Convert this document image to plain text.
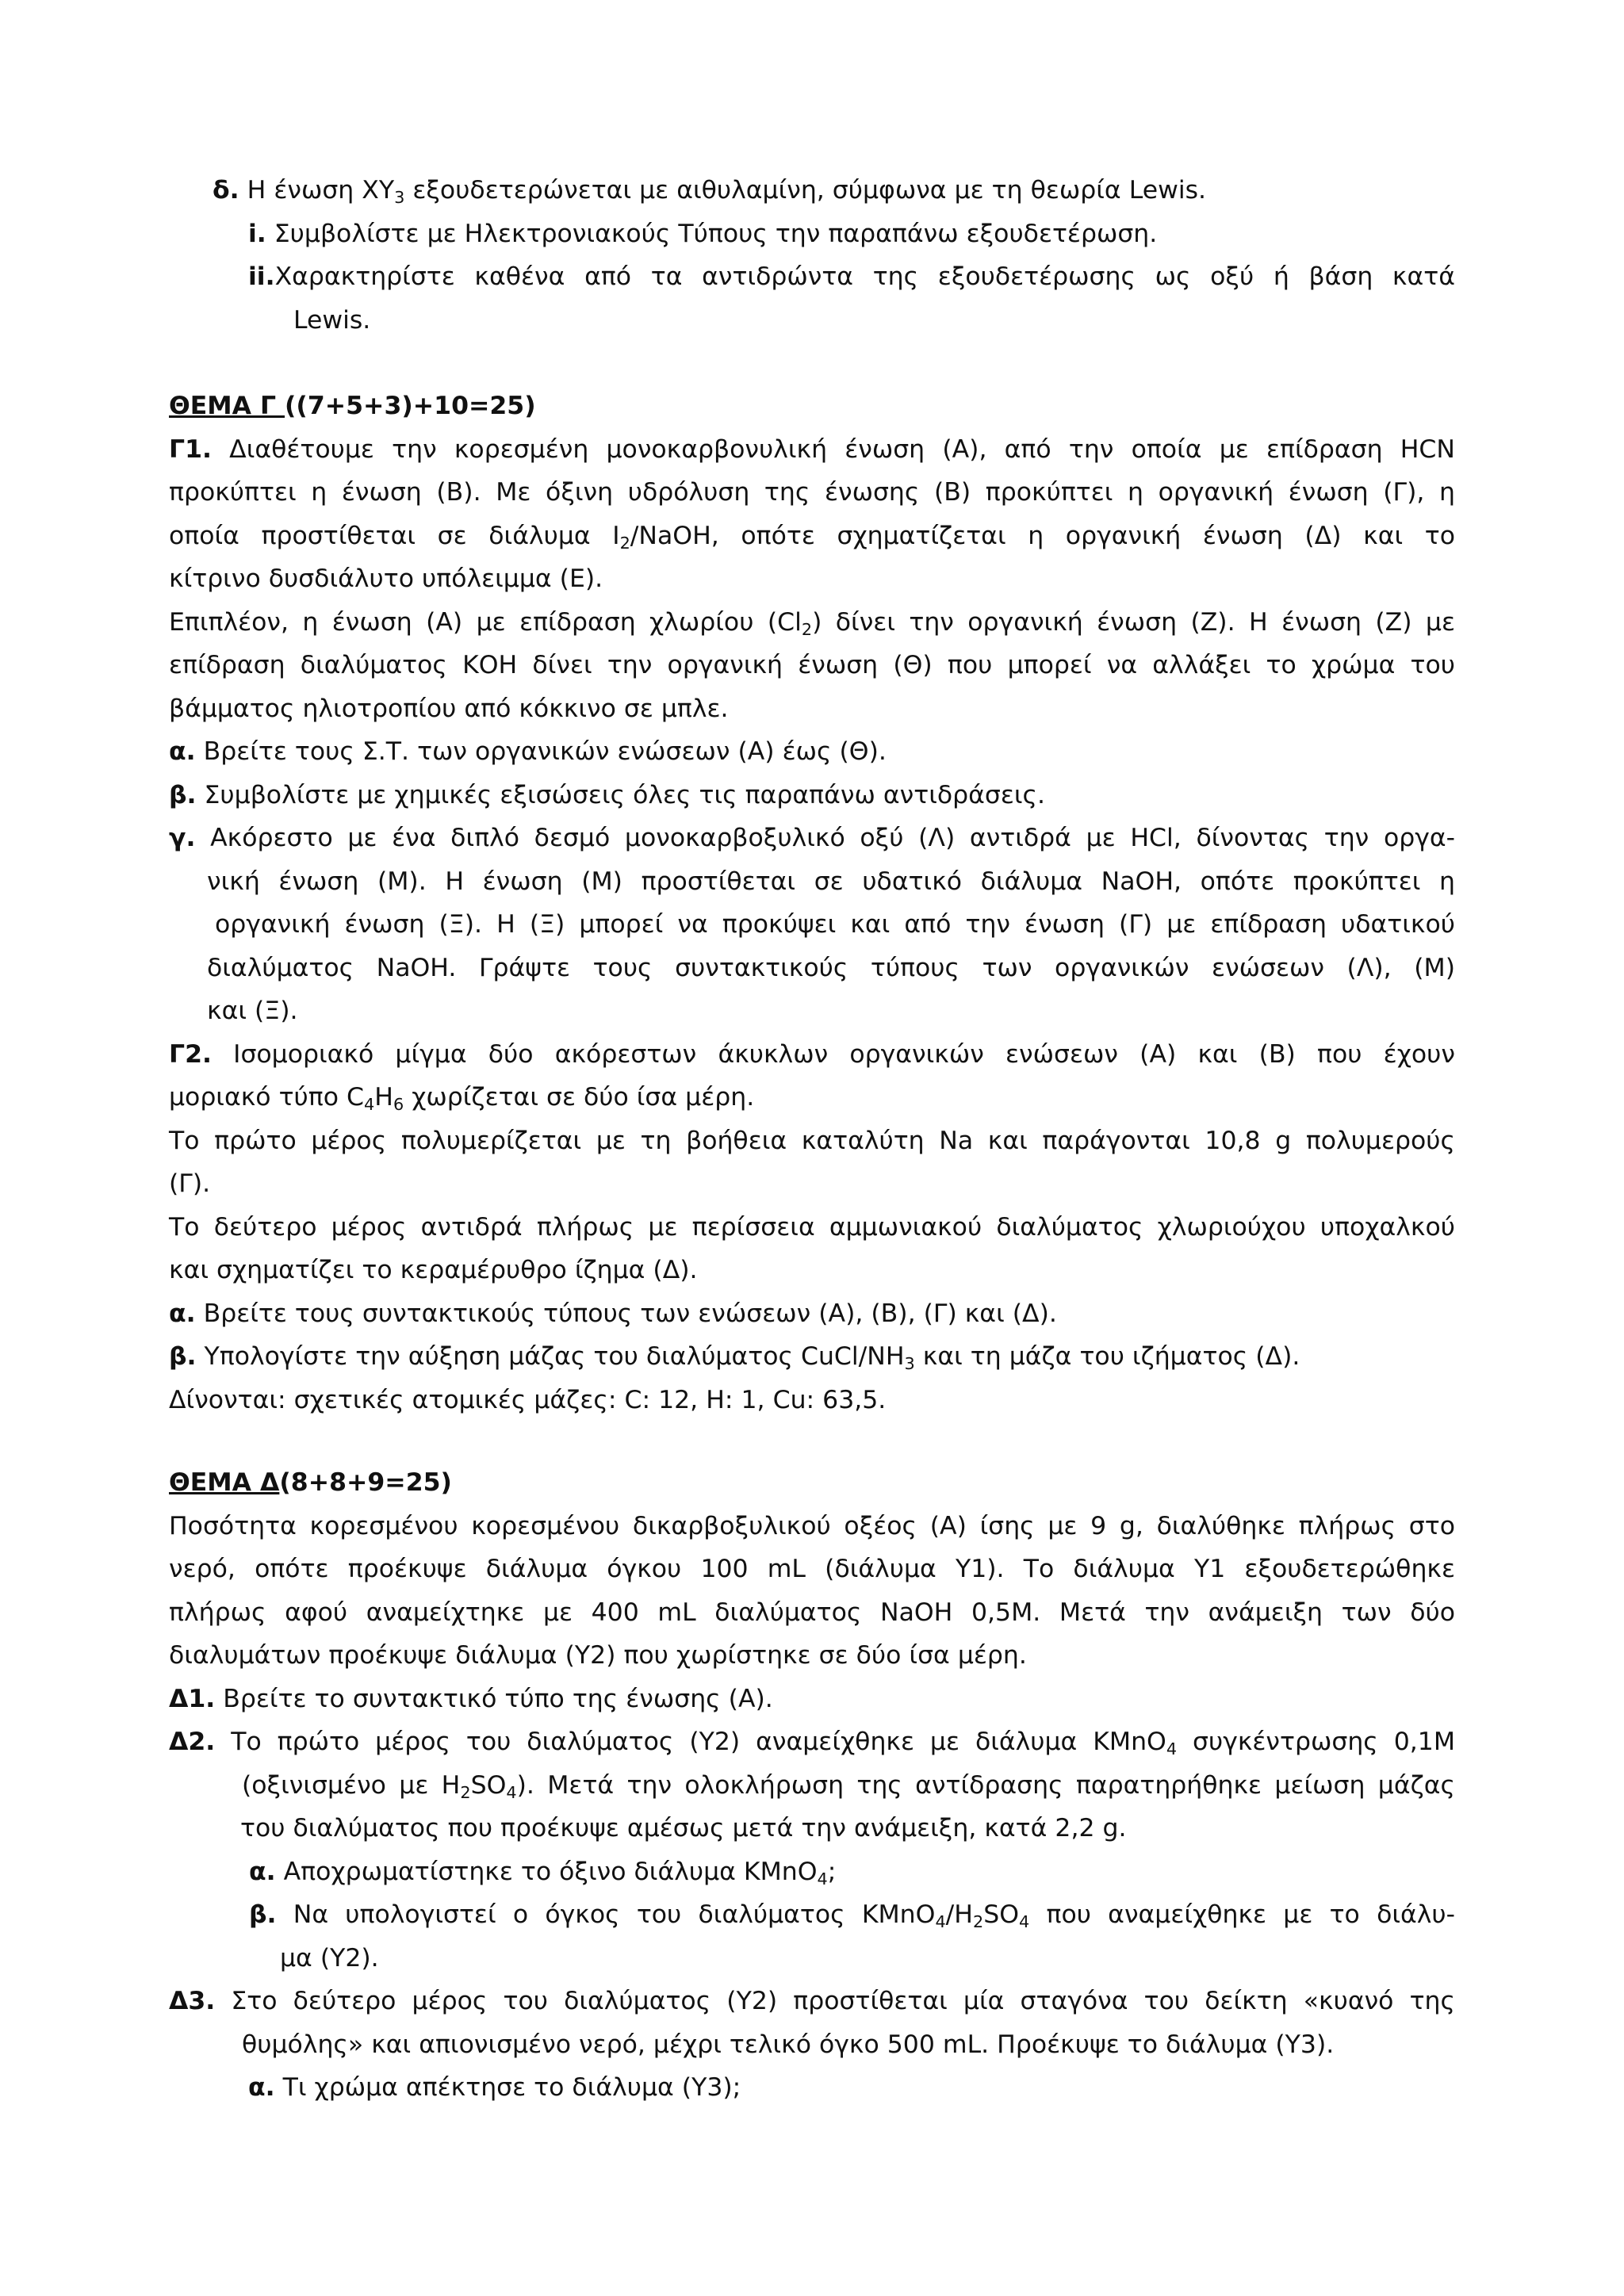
δ. Η ένωση $X\Upsilon_3$ εξουδετερώνεται με αιθυλαμίνη, σύμφωνα με τη θεωρία Lewis.
i. Συμβολίστε με Ηλεκτρονιακούς Τύπους την παραπάνω εξουδετέρωση.
ii.Χαρακτηρίστε καθένα από τα αντιδρώντα της εξουδετέρωσης ως οξύ ή βάση κατά
Lewis.
ΘΕΜΑ Γ ((7+5+3)+10=25)
Γ1. Διαθέτουμε την κορεσμένη μονοκαρβονυλική ένωση (Α), από την οποία με επίδραση HCN
προκύπτει η ένωση (Β). Με όξινη υδρόλυση της ένωσης (Β) προκύπτει η οργανική ένωση (Γ), η
οποία προστίθεται σε διάλυμα $I_2$/NaOH, οπότε σχηματίζεται η οργανική ένωση (Δ) και το
κίτρινο δυσδιάλυτο υπόλειμμα (Ε).
Επιπλέον, η ένωση (Α) με επίδραση χλωρίου $(Cl_2)$ δίνει την οργανική ένωση (Ζ). Η ένωση (Ζ) με
επίδραση διαλύματος ΚΟΗ δίνει την οργανική ένωση (Θ) που μπορεί να αλλάξει το χρώμα του
βάμματος ηλιοτροπίου από κόκκινο σε μπλε.
α. Βρείτε τους Σ.Τ. των οργανικών ενώσεων (Α) έως (Θ).
β. Συμβολίστε με χημικές εξισώσεις όλες τις παραπάνω αντιδράσεις.
γ. Ακόρεστο με ένα διπλό δεσμό μονοκαρβοξυλικό οξύ (Λ) αντιδρά με HCl, δίνοντας την οργα-
νική ένωση (Μ). Η ένωση (Μ) προστίθεται σε υδατικό διάλυμα NaOH, οπότε προκύπτει η
οργανική ένωση (Ξ). Η (Ξ) μπορεί να προκύψει και από την ένωση (Γ) με επίδραση υδατικού
διαλύματος NaOH. Γράψτε τους συντακτικούς τύπους των οργανικών ενώσεων (Λ), (Μ)
και (Ξ).
Γ2. Ισομοριακό μίγμα δύο ακόρεστων άκυκλων οργανικών ενώσεων (Α) και (Β) που έχουν
μοριακό τύπο $C_4H_6$ χωρίζεται σε δύο ίσα μέρη.
Το πρώτο μέρος πολυμερίζεται με τη βοήθεια καταλύτη Na και παράγονται 10,8 g πολυμερούς
(Γ).
Το δεύτερο μέρος αντιδρά πλήρως με περίσσεια αμμωνιακού διαλύματος χλωριούχου υποχαλκού
και σχηματίζει το κεραμέρυθρο ίζημα (Δ).
α. Βρείτε τους συντακτικούς τύπους των ενώσεων (Α), (Β), (Γ) και (Δ).
β. Υπολογίστε την αύξηση μάζας του διαλύματος CuCl/$NH_3$ και τη μάζα του ιζήματος (Δ).
Δίνονται: σχετικές ατομικές μάζες: C: 12, H: 1, Cu: 63,5.
ΘΕΜΑ Δ(8+8+9=25)
Ποσότητα κορεσμένου κορεσμένου δικαρβοξυλικού οξέος (Α) ίσης με 9 g, διαλύθηκε πλήρως στο
νερό, οπότε προέκυψε διάλυμα όγκου 100 mL (διάλυμα Υ1). Το διάλυμα Υ1 εξουδετερώθηκε
πλήρως αφού αναμείχτηκε με 400 mL διαλύματος NaOH 0,5M. Μετά την ανάμειξη των δύο
διαλυμάτων προέκυψε διάλυμα (Υ2) που χωρίστηκε σε δύο ίσα μέρη.
Δ1. Βρείτε το συντακτικό τύπο της ένωσης (Α).
Δ2. Το πρώτο μέρος του διαλύματος (Υ2) αναμείχθηκε με διάλυμα KMnO$_4$ συγκέντρωσης 0,1M
(οξινισμένο με $H_2SO_4$). Μετά την ολοκλήρωση της αντίδρασης παρατηρήθηκε μείωση μάζας
του διαλύματος που προέκυψε αμέσως μετά την ανάμειξη, κατά 2,2 g.
α. Αποχρωματίστηκε το όξινο διάλυμα KMnO$_4$;
β. Να υπολογιστεί ο όγκος του διαλύματος $KMnO_4/H_2SO_4$ που αναμείχθηκε με το διάλυ-
μα (Υ2).
Δ3. Στο δεύτερο μέρος του διαλύματος (Υ2) προστίθεται μία σταγόνα του δείκτη «κυανό της
θυμόλης» και απιονισμένο νερό, μέχρι τελικό όγκο 500 mL. Προέκυψε το διάλυμα (Υ3).
α. Τι χρώμα απέκτησε το διάλυμα (Υ3);
